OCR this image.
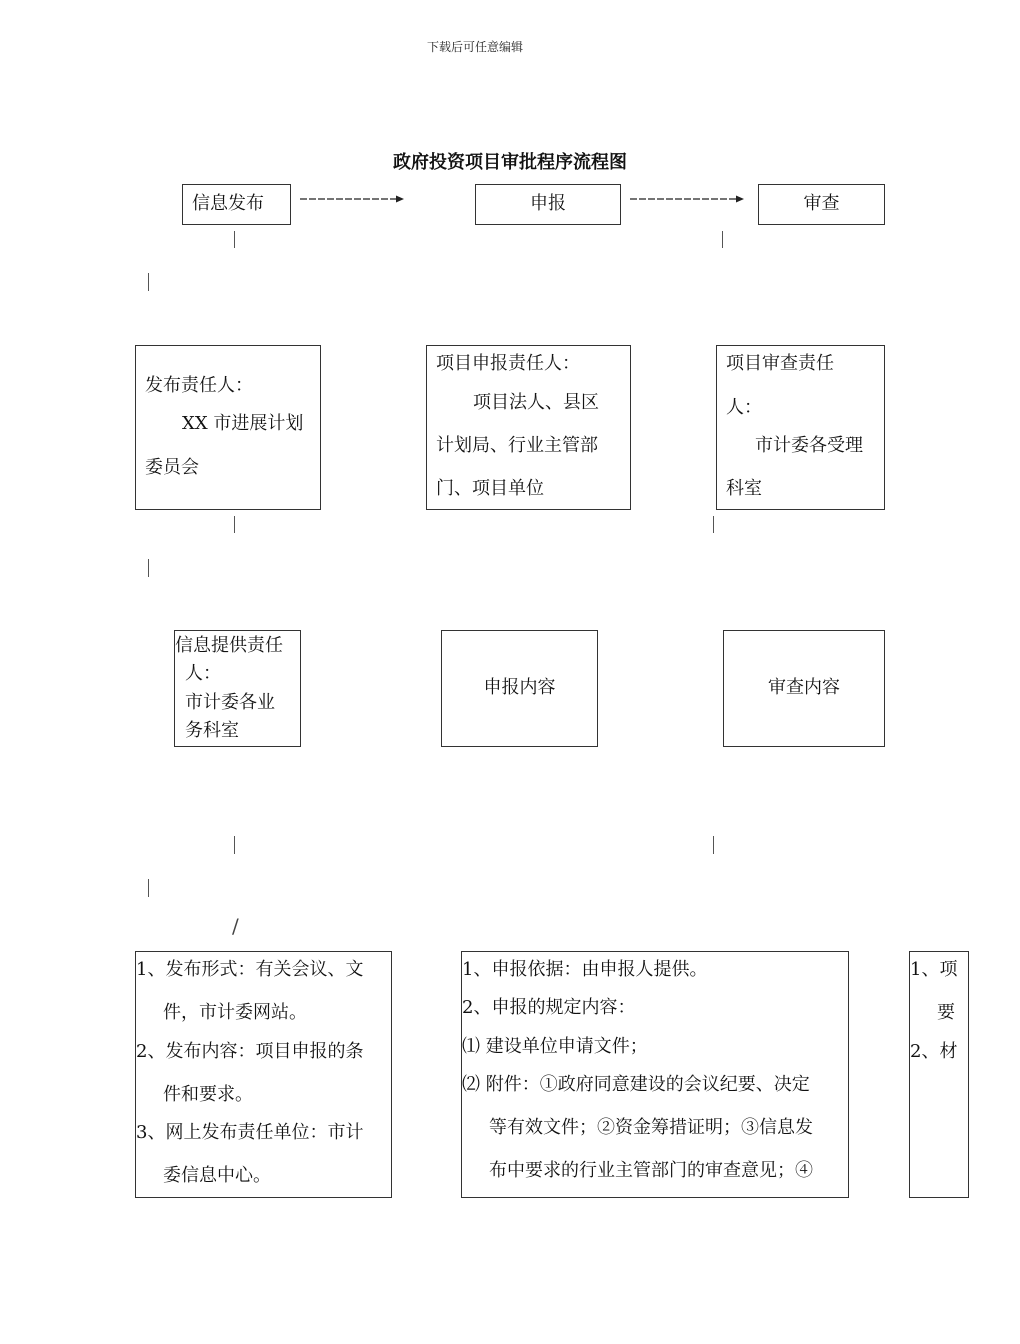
下载后可任意编辑
政府投资项目审批程序流程图
信息发布	申报	审查
发布责任人：
XX 市进展计划
委员会
项目申报责任人：
项目法人、县区
计划局、行业主管部
门、项目单位
项目审查责任
人：
市计委各受理
科室
信息提供责任
人：
市计委各业
务科室
申报内容	审查内容
/
1、发布形式：有关会议、文
件，市计委网站。
2、发布内容：项目申报的条
件和要求。
3、网上发布责任单位：市计
委信息中心。
1、申报依据：由申报人提供。
2、申报的规定内容：
⑴ 建设单位申请文件；
⑵ 附件：①政府同意建设的会议纪要、决定
等有效文件；②资金筹措证明；③信息发
布中要求的行业主管部门的审查意见；④
1、项
要
2、材
